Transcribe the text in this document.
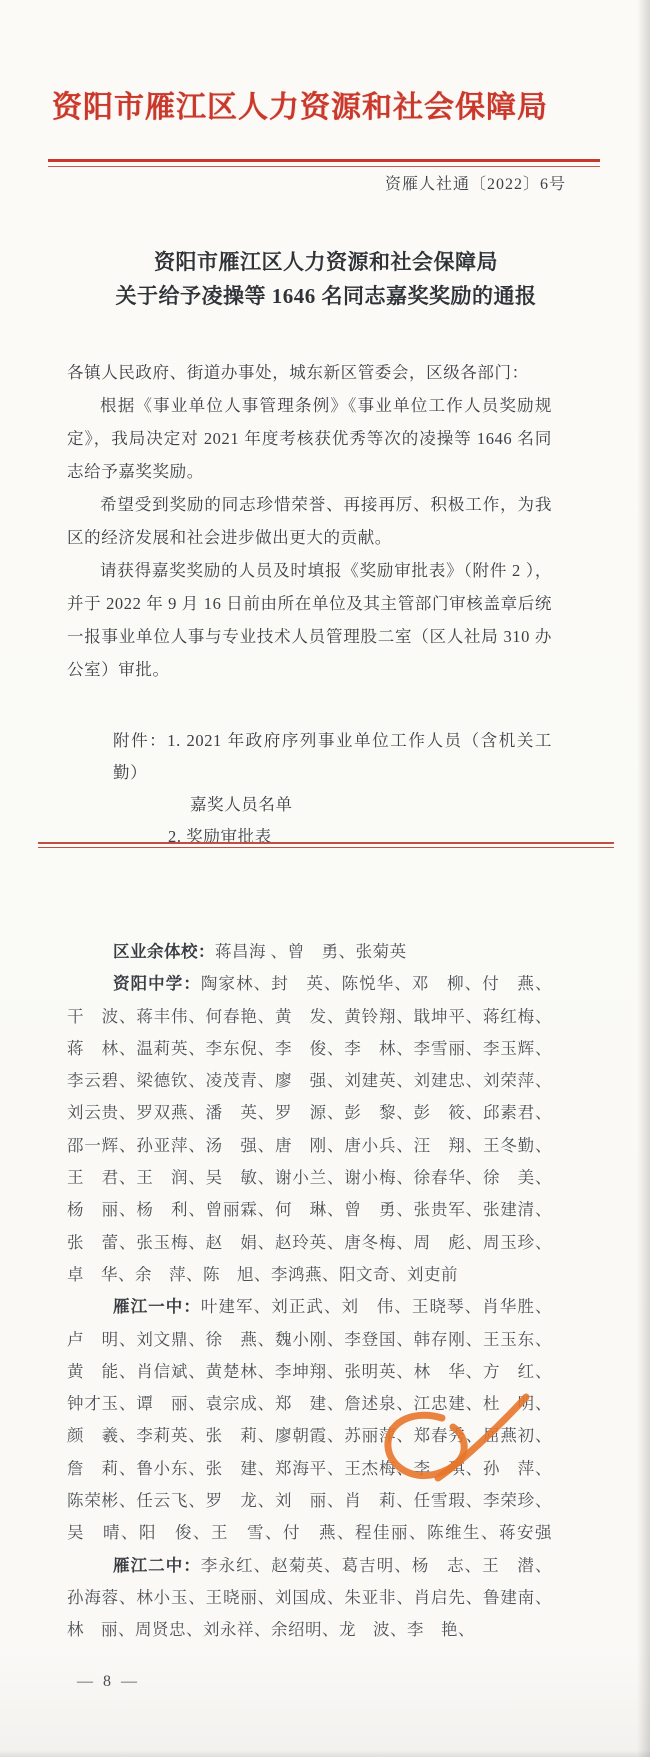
资阳市雁江区人力资源和社会保障局
资雁人社通〔2022〕6号
资阳市雁江区人力资源和社会保障局
关于给予凌操等 1646 名同志嘉奖奖励的通报

各镇人民政府、街道办事处，城东新区管委会，区级各部门：

根据《事业单位人事管理条例》《事业单位工作人员奖励规定》，我局决定对 2021 年度考核获优秀等次的凌操等 1646 名同志给予嘉奖奖励。

希望受到奖励的同志珍惜荣誉、再接再厉、积极工作，为我区的经济发展和社会进步做出更大的贡献。

请获得嘉奖奖励的人员及时填报《奖励审批表》（附件 2 ），并于 2022 年 9 月 16 日前由所在单位及其主管部门审核盖章后统一报事业单位人事与专业技术人员管理股二室（区人社局 310 办公室）审批。

附件：1. 2021 年政府序列事业单位工作人员（含机关工勤）
嘉奖人员名单
2. 奖励审批表
区业余体校：蒋昌海 、曾　勇、张菊英
资阳中学：陶家林、封　英、陈悦华、邓　柳、付　燕、
干　波、蒋丰伟、何春艳、黄　发、黄铃翔、戢坤平、蒋红梅、
蒋　林、温莉英、李东倪、李　俊、李　林、李雪丽、李玉辉、
李云碧、梁德钦、凌茂青、廖　强、刘建英、刘建忠、刘荣萍、
刘云贵、罗双燕、潘　英、罗　源、彭　黎、彭　筱、邱素君、
邵一辉、孙亚萍、汤　强、唐　刚、唐小兵、汪　翔、王冬勤、
王　君、王　润、吴　敏、谢小兰、谢小梅、徐春华、徐　美、
杨　丽、杨　利、曾丽霖、何　琳、曾　勇、张贵军、张建清、
张　蕾、张玉梅、赵　娟、赵玲英、唐冬梅、周　彪、周玉珍、
卓　华、余　萍、陈　旭、李鸿燕、阳文奇、刘吏前
雁江一中：叶建军、刘正武、刘　伟、王晓琴、肖华胜、
卢　明、刘文鼎、徐　燕、魏小刚、李登国、韩存刚、王玉东、
黄　能、肖信斌、黄楚林、李坤翔、张明英、林　华、方　红、
钟才玉、谭　丽、袁宗成、郑　建、詹述泉、江忠建、杜　明、
颜　羲、李莉英、张　莉、廖朝霞、苏丽萍、郑春秀
、屈燕初、
詹　莉、鲁小东、张　建、郑海平、王杰梅、李　琪、孙　萍、
陈荣彬、任云飞、罗　龙、刘　丽、肖　莉、任雪瑕、李荣珍、
吴　晴、阳　俊、王　雪、付　燕、程佳丽、陈维生、蒋安强
雁江二中：李永红、赵菊英、葛吉明、杨　志、王　潜、
孙海蓉、林小玉、王晓丽、刘国成、朱亚非、肖启先、鲁建南、
林　丽、周贤忠、刘永祥、余绍明、龙　波、李　艳、
— 8 —
